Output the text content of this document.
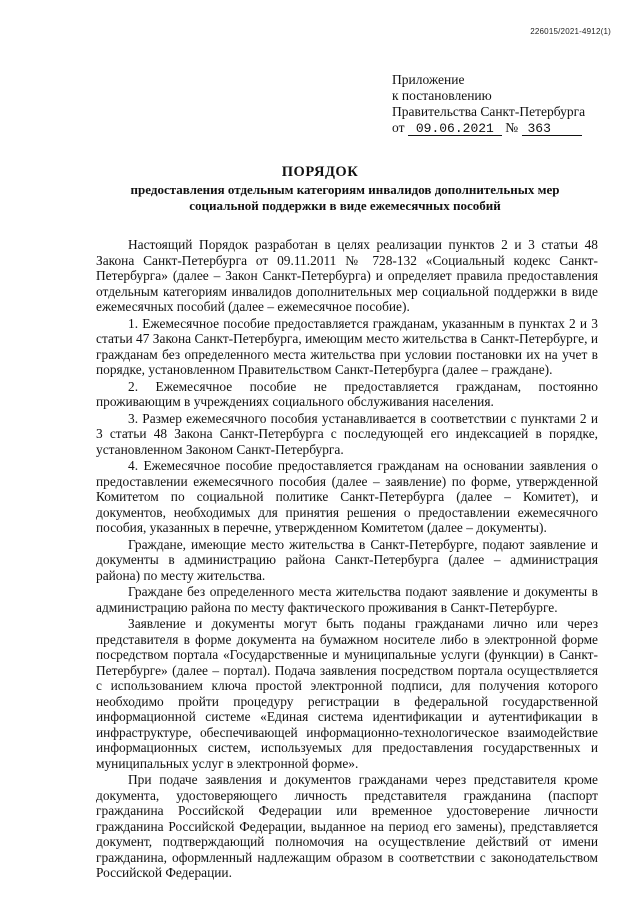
226015/2021-4912(1)
Приложение
к постановлению
Правительства Санкт-Петербурга
от 09.06.2021 № 363
ПОРЯДОК
предоставления отдельным категориям инвалидов дополнительных мер социальной поддержки в виде ежемесячных пособий

Настоящий Порядок разработан в целях реализации пунктов 2 и 3 статьи 48 Закона Санкт-Петербурга от 09.11.2011 № 728-132 «Социальный кодекс Санкт-Петербурга» (далее – Закон Санкт-Петербурга) и определяет правила предоставления отдельным категориям инвалидов дополнительных мер социальной поддержки в виде ежемесячных пособий (далее – ежемесячное пособие).

1. Ежемесячное пособие предоставляется гражданам, указанным в пунктах 2 и 3 статьи 47 Закона Санкт-Петербурга, имеющим место жительства в Санкт-Петербурге, и гражданам без определенного места жительства при условии постановки их на учет в порядке, установленном Правительством Санкт-Петербурга (далее – гражданe).

2. Ежемесячное пособие не предоставляется гражданам, постоянно проживающим в учреждениях социального обслуживания населения.

3. Размер ежемесячного пособия устанавливается в соответствии с пунктами 2 и 3 статьи 48 Закона Санкт-Петербурга с последующей его индексацией в порядке, установленном Законом Санкт-Петербурга.

4. Ежемесячное пособие предоставляется гражданам на основании заявления о предоставлении ежемесячного пособия (далее – заявление) по форме, утвержденной Комитетом по социальной политике Санкт-Петербурга (далее – Комитет), и документов, необходимых для принятия решения о предоставлении ежемесячного пособия, указанных в перечне, утвержденном Комитетом (далее – документы).

Граждане, имеющие место жительства в Санкт-Петербурге, подают заявление и документы в администрацию района Санкт-Петербурга (далее – администрация района) по месту жительства.

Граждане без определенного места жительства подают заявление и документы в администрацию района по месту фактического проживания в Санкт-Петербурге.

Заявление и документы могут быть поданы гражданами лично или через представителя в форме документа на бумажном носителе либо в электронной форме посредством портала «Государственные и муниципальные услуги (функции) в Санкт-Петербурге» (далее – портал). Подача заявления посредством портала осуществляется с использованием ключа простой электронной подписи, для получения которого необходимо пройти процедуру регистрации в федеральной государственной информационной системе «Единая система идентификации и аутентификации в инфраструктуре, обеспечивающей информационно-технологическое взаимодействие информационных систем, используемых для предоставления государственных и муниципальных услуг в электронной форме».

При подаче заявления и документов гражданами через представителя кроме документа, удостоверяющего личность представителя гражданина (паспорт гражданина Российской Федерации или временное удостоверение личности гражданина Российской Федерации, выданное на период его замены), представляется документ, подтверждающий полномочия на осуществление действий от имени гражданина, оформленный надлежащим образом в соответствии с законодательством Российской Федерации.
